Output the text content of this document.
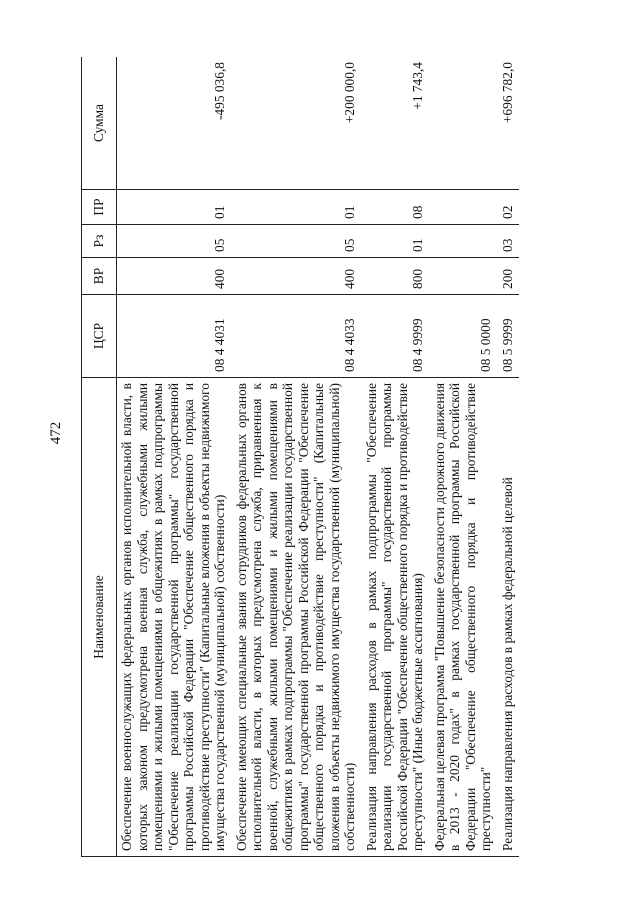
472
Наименование	ЦСР	ВР	Рз	ПР	Сумма
Обеспечение военнослужащих федеральных органов исполнительной власти, в которых законом предусмотрена военная служба, служебными жилыми помещениями и жилыми помещениями в общежитиях в рамках подпрограммы "Обеспечение реализации государственной программы" государственной программы Российской Федерации "Обеспечение общественного порядка и противодействие преступности" (Капитальные вложения в объекты недвижимого имущества государственной (муниципальной) собственности)	08 4 4031	400	05	01	-495 036,8
Обеспечение имеющих специальные звания сотрудников федеральных органов исполнительной власти, в которых предусмотрена служба, приравненная к военной, служебными жилыми помещениями и жилыми помещениями в общежитиях в рамках подпрограммы "Обеспечение реализации государственной программы" государственной программы Российской Федерации "Обеспечение общественного порядка и противодействие преступности" (Капитальные вложения в объекты недвижимого имущества государственной (муниципальной) собственности)	08 4 4033	400	05	01	+200 000,0
Реализация направления расходов в рамках подпрограммы "Обеспечение реализации государственной программы" государственной программы Российской Федерации "Обеспечение общественного порядка и противодействие преступности" (Иные бюджетные ассигнования)	08 4 9999	800	01	08	+1 743,4
Федеральная целевая программа "Повышение безопасности дорожного движения в 2013 - 2020 годах" в рамках государственной программы Российской Федерации "Обеспечение общественного порядка и противодействие преступности"	08 5 0000				
Реализация направления расходов в рамках федеральной целевой	08 5 9999	200	03	02	+696 782,0
